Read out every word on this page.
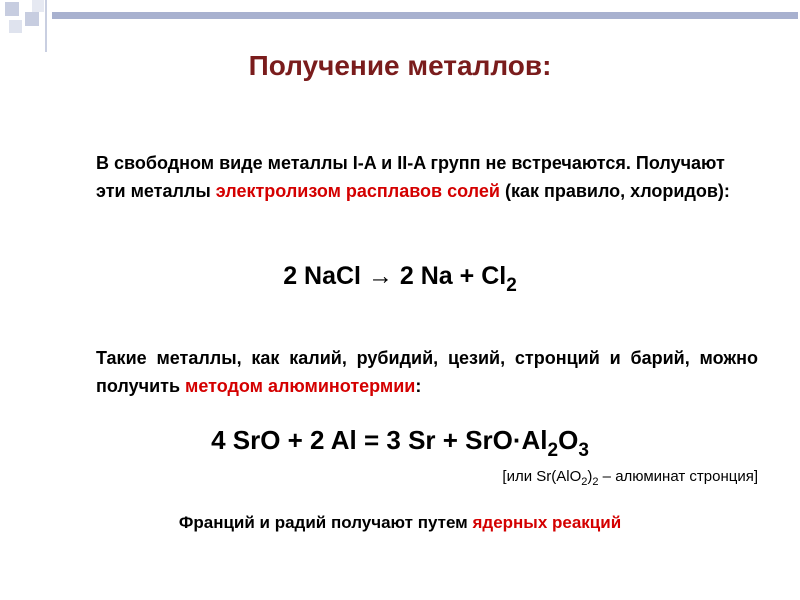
Получение металлов:
В свободном виде металлы I-A и II-A групп не встречаются. Получают эти металлы электролизом расплавов солей (как правило, хлоридов):
2 NaCl → 2 $Na + Cl_2$
Такие металлы, как калий, рубидий, цезий, стронций и барий, можно получить методом алюминотермии:
4 SrO + 2 Al = 3 $Sr + SrO\cdot Al_2O_3$
[или $Sr(AlO_2)_2$ – алюминат стронция]
Франций и радий получают путем ядерных реакций
